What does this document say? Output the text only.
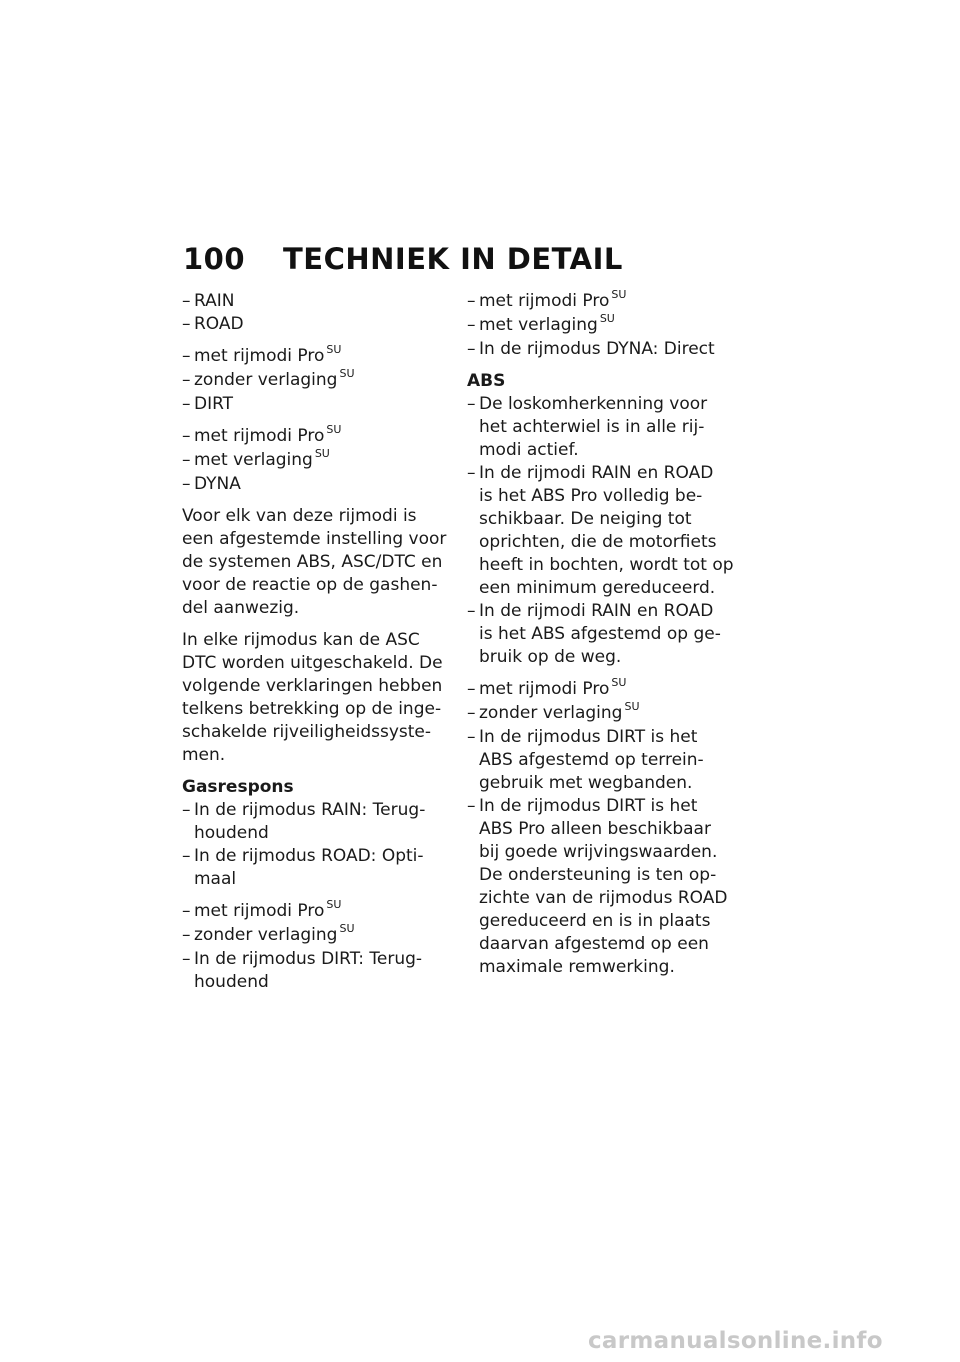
100 TECHNIEK IN DETAIL
– RAIN
– ROAD
– met rijmodi Pro $^{SU}$
– zonder verlaging $^{SU}$
– DIRT
– met rijmodi Pro $^{SU}$
– met verlaging $^{SU}$
– DYNA
Voor elk van deze rijmodi is
een afgestemde instelling voor
de systemen ABS, ASC/DTC en
voor de reactie op de gashen-
del aanwezig.
In elke rijmodus kan de ASC
DTC worden uitgeschakeld. De
volgende verklaringen hebben
telkens betrekking op de inge-
schakelde rijveiligheidssyste-
men.
Gasrespons
– In de rijmodus RAIN: Terug-
houdend
– In de rijmodus ROAD: Opti-
maal
– met rijmodi Pro $^{SU}$
– zonder verlaging $^{SU}$
– In de rijmodus DIRT: Terug-
houdend
– met rijmodi Pro $^{SU}$
– met verlaging $^{SU}$
– In de rijmodus DYNA: Direct
ABS
– De loskomherkenning voor
het achterwiel is in alle rij-
modi actief.
– In de rijmodi RAIN en ROAD
is het ABS Pro volledig be-
schikbaar. De neiging tot
oprichten, die de motorfiets
heeft in bochten, wordt tot op
een minimum gereduceerd.
– In de rijmodi RAIN en ROAD
is het ABS afgestemd op ge-
bruik op de weg.
– met rijmodi Pro $^{SU}$
– zonder verlaging $^{SU}$
– In de rijmodus DIRT is het
ABS afgestemd op terrein-
gebruik met wegbanden.
– In de rijmodus DIRT is het
ABS Pro alleen beschikbaar
bij goede wrijvingswaarden.
De ondersteuning is ten op-
zichte van de rijmodus ROAD
gereduceerd en is in plaats
daarvan afgestemd op een
maximale remwerking.
carmanualsonline.info
